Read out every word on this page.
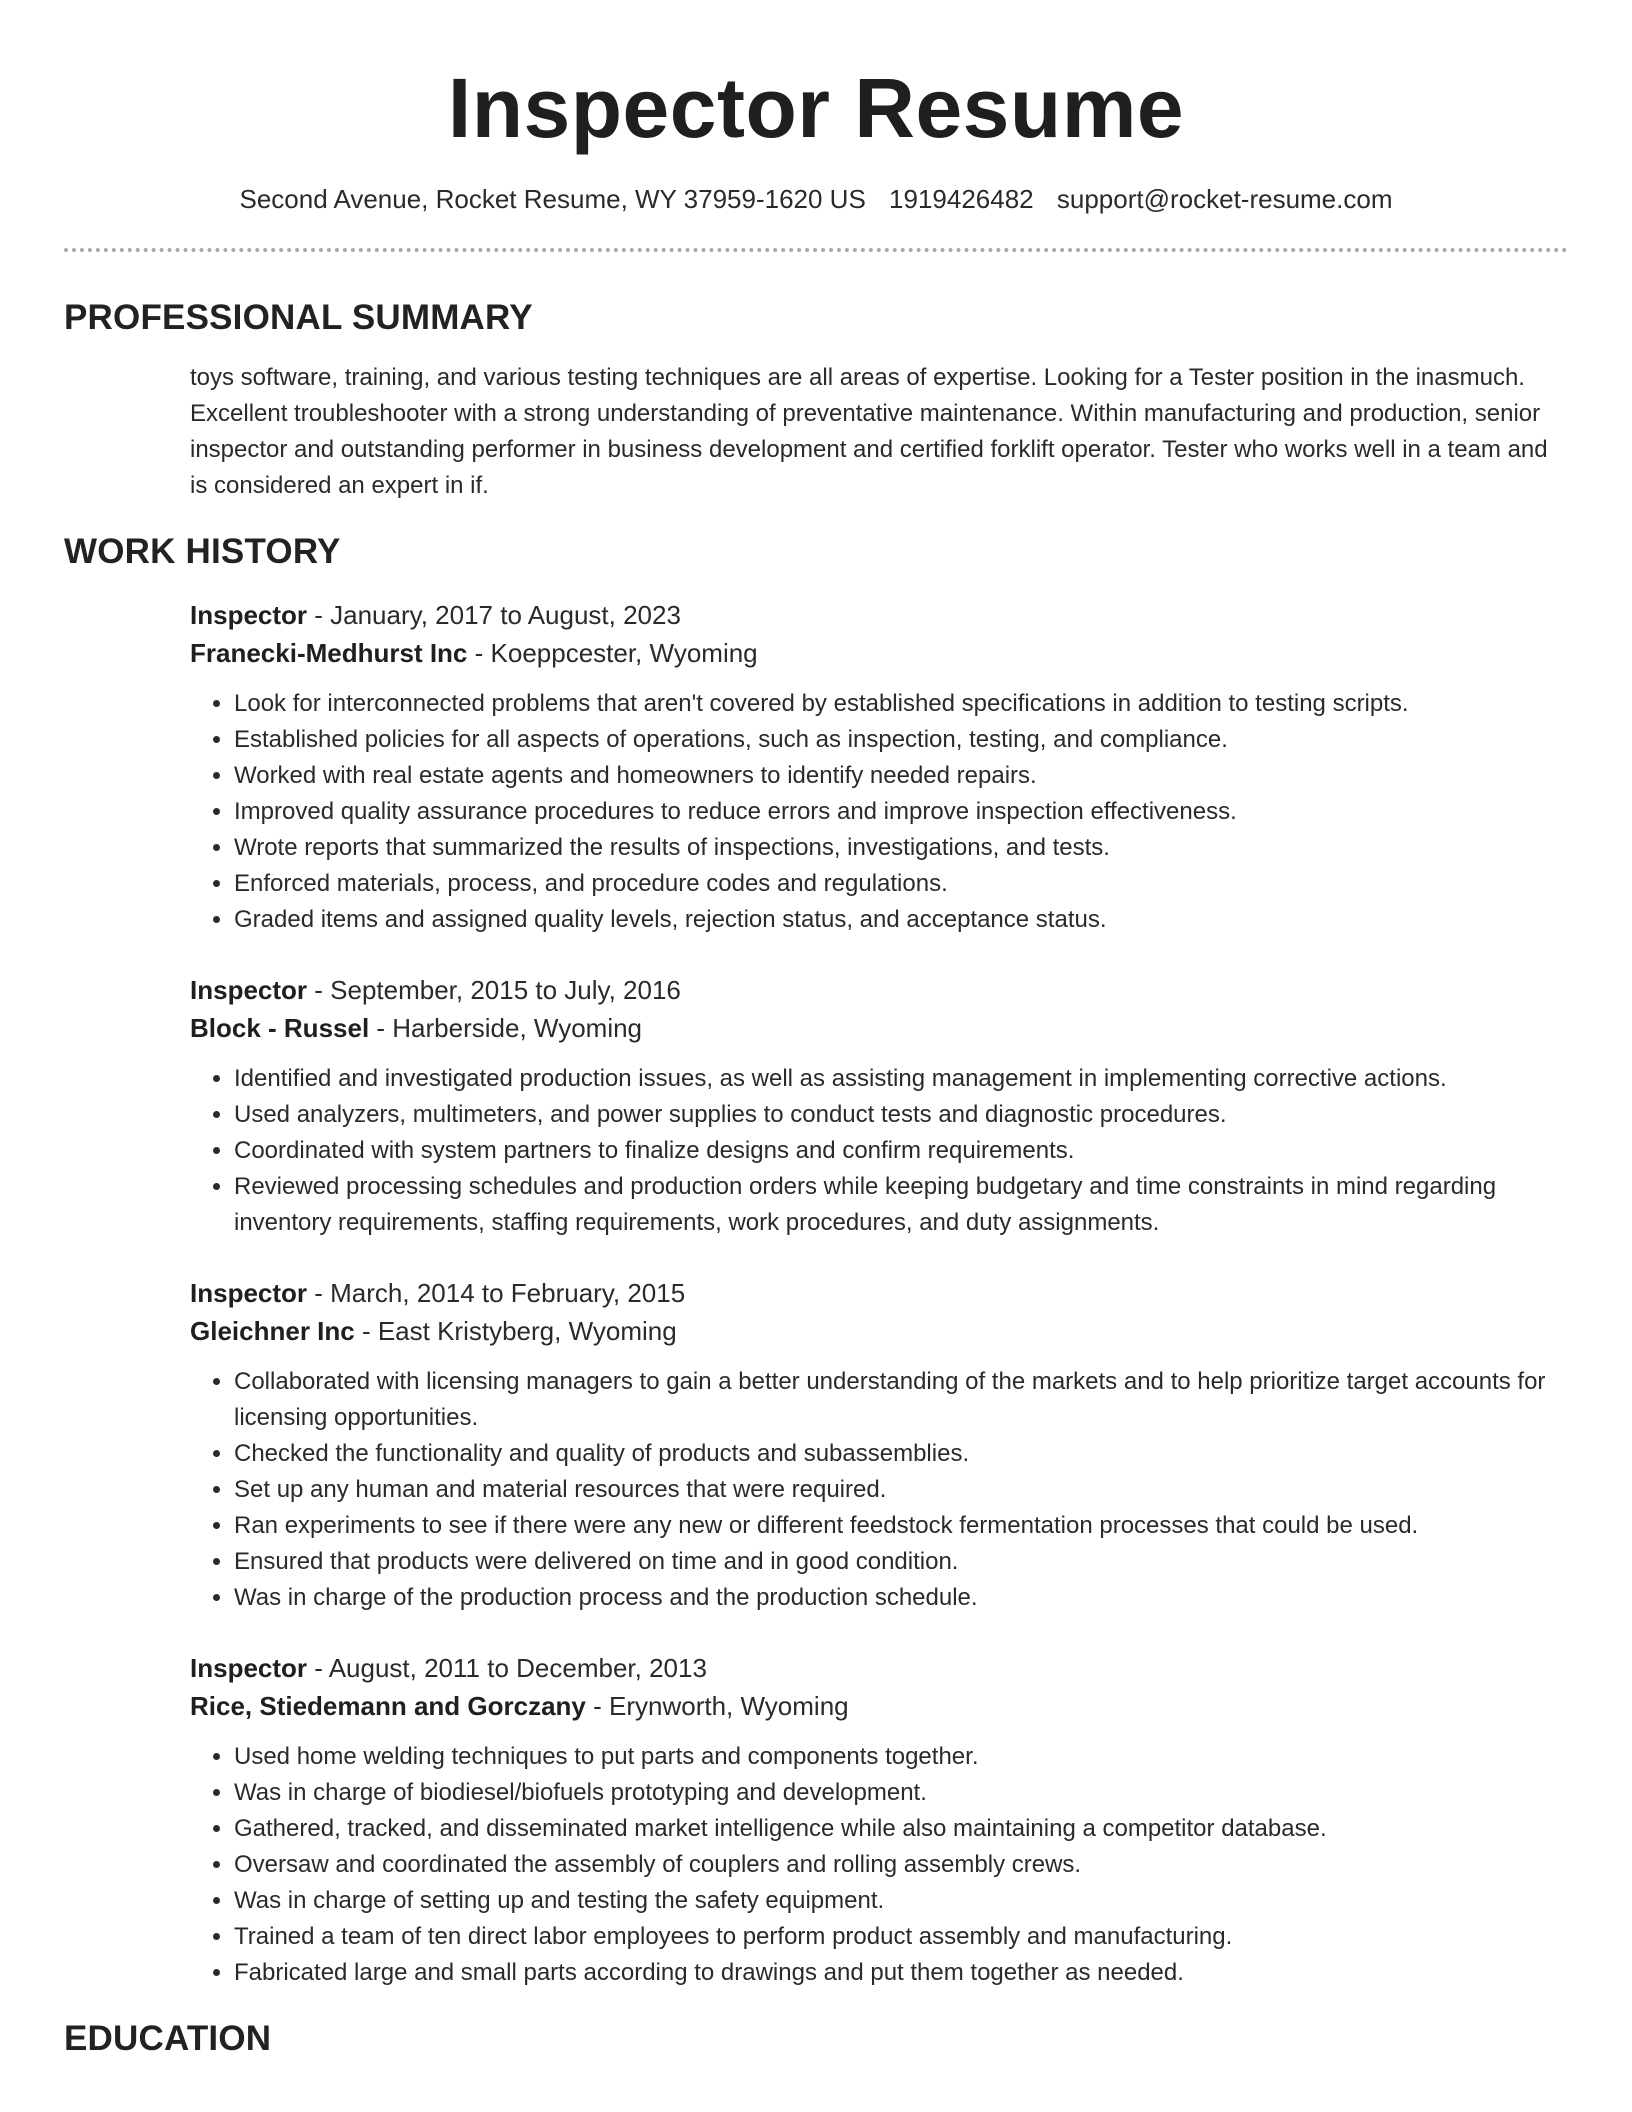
Inspector Resume
Second Avenue, Rocket Resume, WY 37959-1620 US 1919426482 support@rocket-resume.com
PROFESSIONAL SUMMARY
toys software, training, and various testing techniques are all areas of expertise. Looking for a Tester position in the inasmuch. Excellent troubleshooter with a strong understanding of preventative maintenance. Within manufacturing and production, senior inspector and outstanding performer in business development and certified forklift operator. Tester who works well in a team and is considered an expert in if.
WORK HISTORY
Inspector - January, 2017 to August, 2023
Franecki-Medhurst Inc - Koeppcester, Wyoming
• Look for interconnected problems that aren't covered by established specifications in addition to testing scripts.
• Established policies for all aspects of operations, such as inspection, testing, and compliance.
• Worked with real estate agents and homeowners to identify needed repairs.
• Improved quality assurance procedures to reduce errors and improve inspection effectiveness.
• Wrote reports that summarized the results of inspections, investigations, and tests.
• Enforced materials, process, and procedure codes and regulations.
• Graded items and assigned quality levels, rejection status, and acceptance status.
Inspector - September, 2015 to July, 2016
Block - Russel - Harberside, Wyoming
• Identified and investigated production issues, as well as assisting management in implementing corrective actions.
• Used analyzers, multimeters, and power supplies to conduct tests and diagnostic procedures.
• Coordinated with system partners to finalize designs and confirm requirements.
• Reviewed processing schedules and production orders while keeping budgetary and time constraints in mind regarding inventory requirements, staffing requirements, work procedures, and duty assignments.
Inspector - March, 2014 to February, 2015
Gleichner Inc - East Kristyberg, Wyoming
• Collaborated with licensing managers to gain a better understanding of the markets and to help prioritize target accounts for licensing opportunities.
• Checked the functionality and quality of products and subassemblies.
• Set up any human and material resources that were required.
• Ran experiments to see if there were any new or different feedstock fermentation processes that could be used.
• Ensured that products were delivered on time and in good condition.
• Was in charge of the production process and the production schedule.
Inspector - August, 2011 to December, 2013
Rice, Stiedemann and Gorczany - Erynworth, Wyoming
• Used home welding techniques to put parts and components together.
• Was in charge of biodiesel/biofuels prototyping and development.
• Gathered, tracked, and disseminated market intelligence while also maintaining a competitor database.
• Oversaw and coordinated the assembly of couplers and rolling assembly crews.
• Was in charge of setting up and testing the safety equipment.
• Trained a team of ten direct labor employees to perform product assembly and manufacturing.
• Fabricated large and small parts according to drawings and put them together as needed.
EDUCATION
